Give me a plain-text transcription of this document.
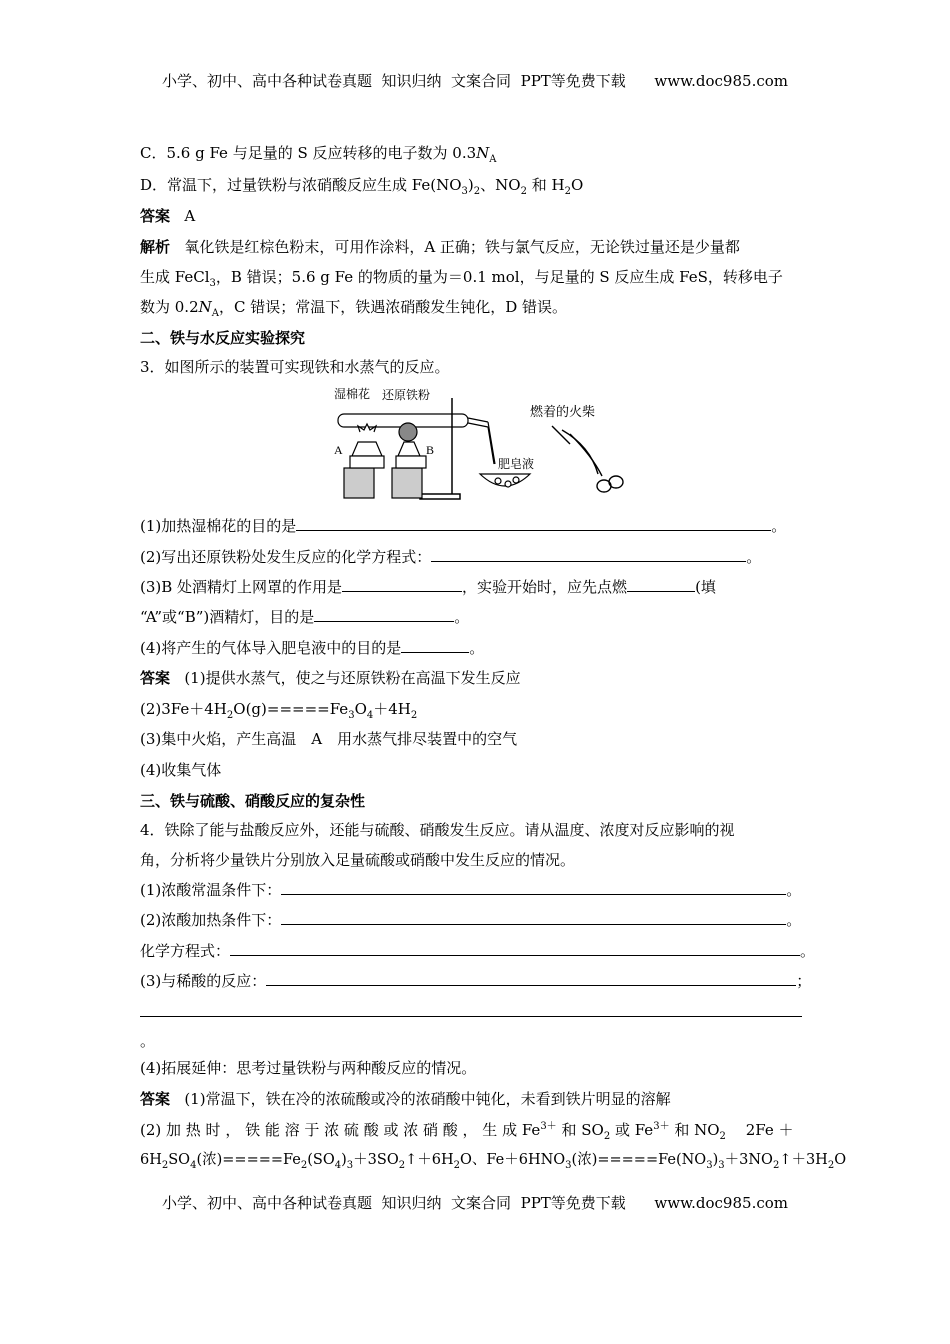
小学、初中、高中各种试卷真题  知识归纳  文案合同  PPT等免费下载      www.doc985.com
C．5.6 g Fe 与足量的 S 反应转移的电子数为 $0.3N_A$
D．常温下，过量铁粉与浓硝酸反应生成 $Fe(NO_3)_2$、$NO_2$ 和 $H_2O$
答案 A
解析 氧化铁是红棕色粉末，可用作涂料，A 正确；铁与氯气反应，无论铁过量还是少量都
生成 FeCl$_3$，B 错误；5.6 g Fe 的物质的量为＝0.1 mol，与足量的 S 反应生成 FeS，转移电子
数为 $0.2N_A$，C 错误；常温下，铁遇浓硝酸发生钝化，D 错误。
二、铁与水反应实验探究
3．如图所示的装置可实现铁和水蒸气的反应。
湿棉花 还原铁粉
燃着的火柴
肥皂液
A	B
(1)加热湿棉花的目的是	。
(2)写出还原铁粉处发生反应的化学方程式：	。
(3)B 处酒精灯上网罩的作用是	，实验开始时，应先点燃	(填
“A”或“B”)酒精灯，目的是	。
(4)将产生的气体导入肥皂液中的目的是	。
答案 (1)提供水蒸气，使之与还原铁粉在高温下发生反应
$(2)3Fe+4H_2O(g)=====Fe_3O_4+4H_2$
(3)集中火焰，产生高温　A　用水蒸气排尽装置中的空气
(4)收集气体
三、铁与硫酸、硝酸反应的复杂性
4．铁除了能与盐酸反应外，还能与硫酸、硝酸发生反应。请从温度、浓度对反应影响的视
角，分析将少量铁片分别放入足量硫酸或硝酸中发生反应的情况。
(1)浓酸常温条件下：	。
(2)浓酸加热条件下：	。
化学方程式：	。
(3)与稀酸的反应：	；
。
(4)拓展延伸：思考过量铁粉与两种酸反应的情况。
答案 (1)常温下，铁在冷的浓硫酸或冷的浓硝酸中钝化，未看到铁片明显的溶解
(2) 加 热 时 ， 铁 能 溶 于 浓 硫 酸 或 浓 硝 酸 ， 生 成 $Fe^{3+}$ 和 $SO_2$ 或 $Fe^{3+}$ 和 $NO_2$　 2Fe ＋
$6H_2SO_4$(浓)$=====Fe_2(SO_4)_3+3SO_2↑+6H_2O$、$Fe+6HNO_3$(浓)$=====Fe(NO_3)_3+3NO_2↑+3H_2O$
小学、初中、高中各种试卷真题  知识归纳  文案合同  PPT等免费下载      www.doc985.com
